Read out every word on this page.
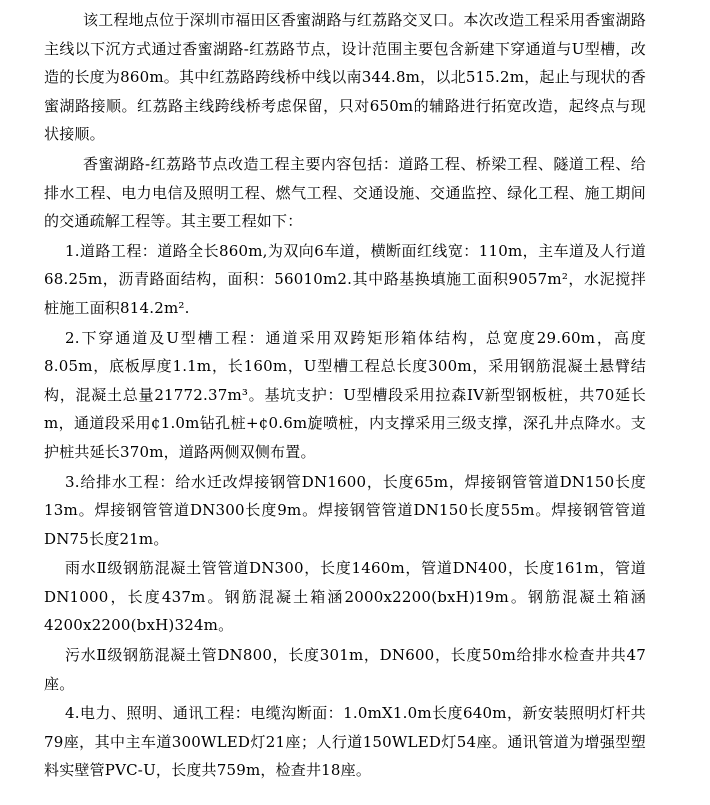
该工程地点位于深圳市福田区香蜜湖路与红荔路交叉口。本次改造工程采用香蜜湖路主线以下沉方式通过香蜜湖路-红荔路节点，设计范围主要包含新建下穿通道与U型槽，改造的长度为860m。其中红荔路跨线桥中线以南344.8m，以北515.2m，起止与现状的香蜜湖路接顺。红荔路主线跨线桥考虑保留，只对650m的辅路进行拓宽改造，起终点与现状接顺。

香蜜湖路-红荔路节点改造工程主要内容包括：道路工程、桥梁工程、隧道工程、给排水工程、电力电信及照明工程、燃气工程、交通设施、交通监控、绿化工程、施工期间的交通疏解工程等。其主要工程如下：

1.道路工程：道路全长860m,为双向6车道，横断面红线宽：110m，主车道及人行道68.25m，沥青路面结构，面积：56010m2.其中路基换填施工面积9057m²，水泥搅拌桩施工面积814.2m².

2.下穿通道及U型槽工程：通道采用双跨矩形箱体结构，总宽度29.60m，高度8.05m，底板厚度1.1m，长160m，U型槽工程总长度300m，采用钢筋混凝土悬臂结构，混凝土总量21772.37m³。基坑支护：U型槽段采用拉森IV新型钢板桩，共70延长m，通道段采用¢1.0m钻孔桩+¢0.6m旋喷桩，内支撑采用三级支撑，深孔井点降水。支护桩共延长370m，道路两侧双侧布置。

3.给排水工程：给水迁改焊接钢管DN1600，长度65m，焊接钢管管道DN150长度13m。焊接钢管管道DN300长度9m。焊接钢管管道DN150长度55m。焊接钢管管道DN75长度21m。

雨水Ⅱ级钢筋混凝土管管道DN300，长度1460m，管道DN400，长度161m，管道DN1000，长度437m。钢筋混凝土箱涵2000x2200(bxH)19m。钢筋混凝土箱涵4200x2200(bxH)324m。

污水Ⅱ级钢筋混凝土管DN800，长度301m，DN600，长度50m给排水检查井共47座。

4.电力、照明、通讯工程：电缆沟断面：1.0mX1.0m长度640m，新安装照明灯杆共79座，其中主车道300WLED灯21座；人行道150WLED灯54座。通讯管道为增强型塑料实壁管PVC-U，长度共759m，检查井18座。
